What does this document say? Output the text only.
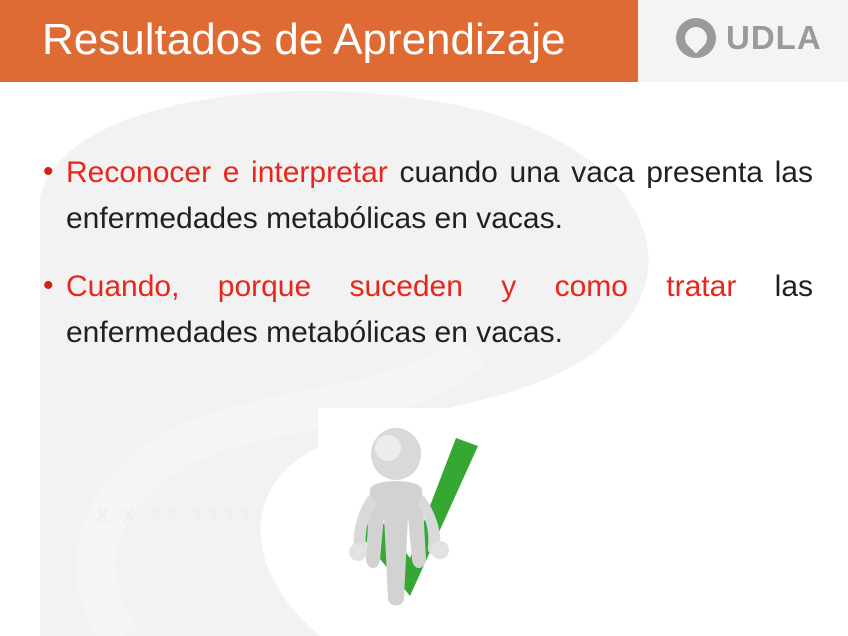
x x xx xxxx
Resultados de Aprendizaje	UDLA
• Reconocer e interpretar cuando una vaca presenta las enfermedades metabólicas en vacas.
• Cuando, porque suceden y como tratar las enfermedades metabólicas en vacas.
